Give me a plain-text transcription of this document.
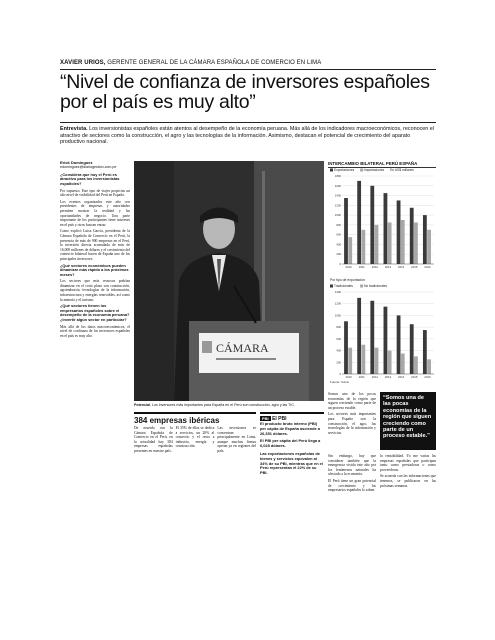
XAVIER URIOS, GERENTE GENERAL DE LA CÁMARA ESPAÑOLA DE COMERCIO EN LIMA
“Nivel de confianza de inversores españoles por el país es muy alto”
Entrevista. Los inversionistas españoles están atentos al desempeño de la economía peruana. Más allá de los indicadores macroeconómicos, reconocen el atractivo de sectores como la construcción, el agro y las tecnologías de la información. Asimismo, destacan el potencial de crecimiento del aparato productivo nacional.
Erick Dominguez
edominguez@diariogestion.com.pe

¿Considera que hoy el Perú es atractivo para los inversionistas españoles?

Por supuesto. Este tipo de viajes propicias un alto nivel de visibilidad del Perú en España.

Los eventos organizados este año con presidentes de empresas y autoridades permiten mostrar la realidad y las oportunidades de negocio. Una parte importante de los participantes tiene intereses en el país y otros buscan entrar.

Como explicó Luisa García, presidenta de la Cámara Española de Comercio en el Perú, la presencia de más de 900 empresas en el Perú, la inversión directa acumulada de más de 16,000 millones de dólares y el crecimiento del comercio bilateral hacen de España uno de los principales inversores.

¿Qué sectores económicos pueden dinamizar más rápido a los próximos meses?

Los sectores que más recursos podrían dinamizar en el corto plazo son construcción, agroindustria, tecnologías de la información, infraestructura y energías renovables, así como la minería y el turismo.

¿Qué sectores tienen los empresarios españoles sobre el desempeño de la economía peruana? ¿Invertir algún sector en particular?

Más allá de los datos macroeconómicos, el nivel de confianza de los inversores españoles en el país es muy alto.

CÁMARA
Potencial. Los inversores más importantes para España en el Perú son construcción, agro y las TIC.
INTERCAMBIO BILATERAL PERÚ ESPAÑA
Exportaciones	Importaciones En US$ millones
0
200
400
600
800
1000
1200
1400
1600
1800
2010	2011	2012 2013 2014 2015 2016
Tradicionales	No tradicionales
Por tipo de exportación
0
200
400
600
800
1000
1200
1400
2010	2011	2012 2013 2014 2015 2016
Fuente: Sunat

Somos uno de los pocos economías de la región que siguen creciendo como parte de un proceso estable.

Los sectores más importantes para España son la construcción, el agro, las tecnologías de la información y servicios.

“Somos una de las pocas economías de la región que siguen creciendo como parte de un proceso estable.”

Sin embargo, hay que considerar también que la emergencia vivida este año por los fenómenos naturales ha afectado a la economía.

El Perú tiene un gran potencial de crecimiento y los empresarios españoles lo saben.

la rentabilidad. Yo me varias las empresas españolas que participan tanto como prestadoras o como proveedoras.

Se acuerda con las informaciones que tenemos, se publicaron en las próximas semanas.

384 empresas ibéricas

De acuerdo con la Cámara Española de Comercio en el Perú, en la actualidad hay 384 empresas españolas presentes en nuestro país.

El 35% de ellas se dedica a servicios, un 20% al comercio y el resto a industria, energía y construcción.

Las inversiones se concentran principalmente en Lima, aunque muchas firmas operan ya en regiones del país.

PBI El PBI

El producto bruto interno (PBI) per cápita de España asciende a 26,351 dólares.

El PBI per cápita del Perú llega a 6,028 dólares.

Las exportaciones españolas de bienes y servicios equivalen al 34% de su PBI, mientras que en el Perú representan el 22% de su PBI.
